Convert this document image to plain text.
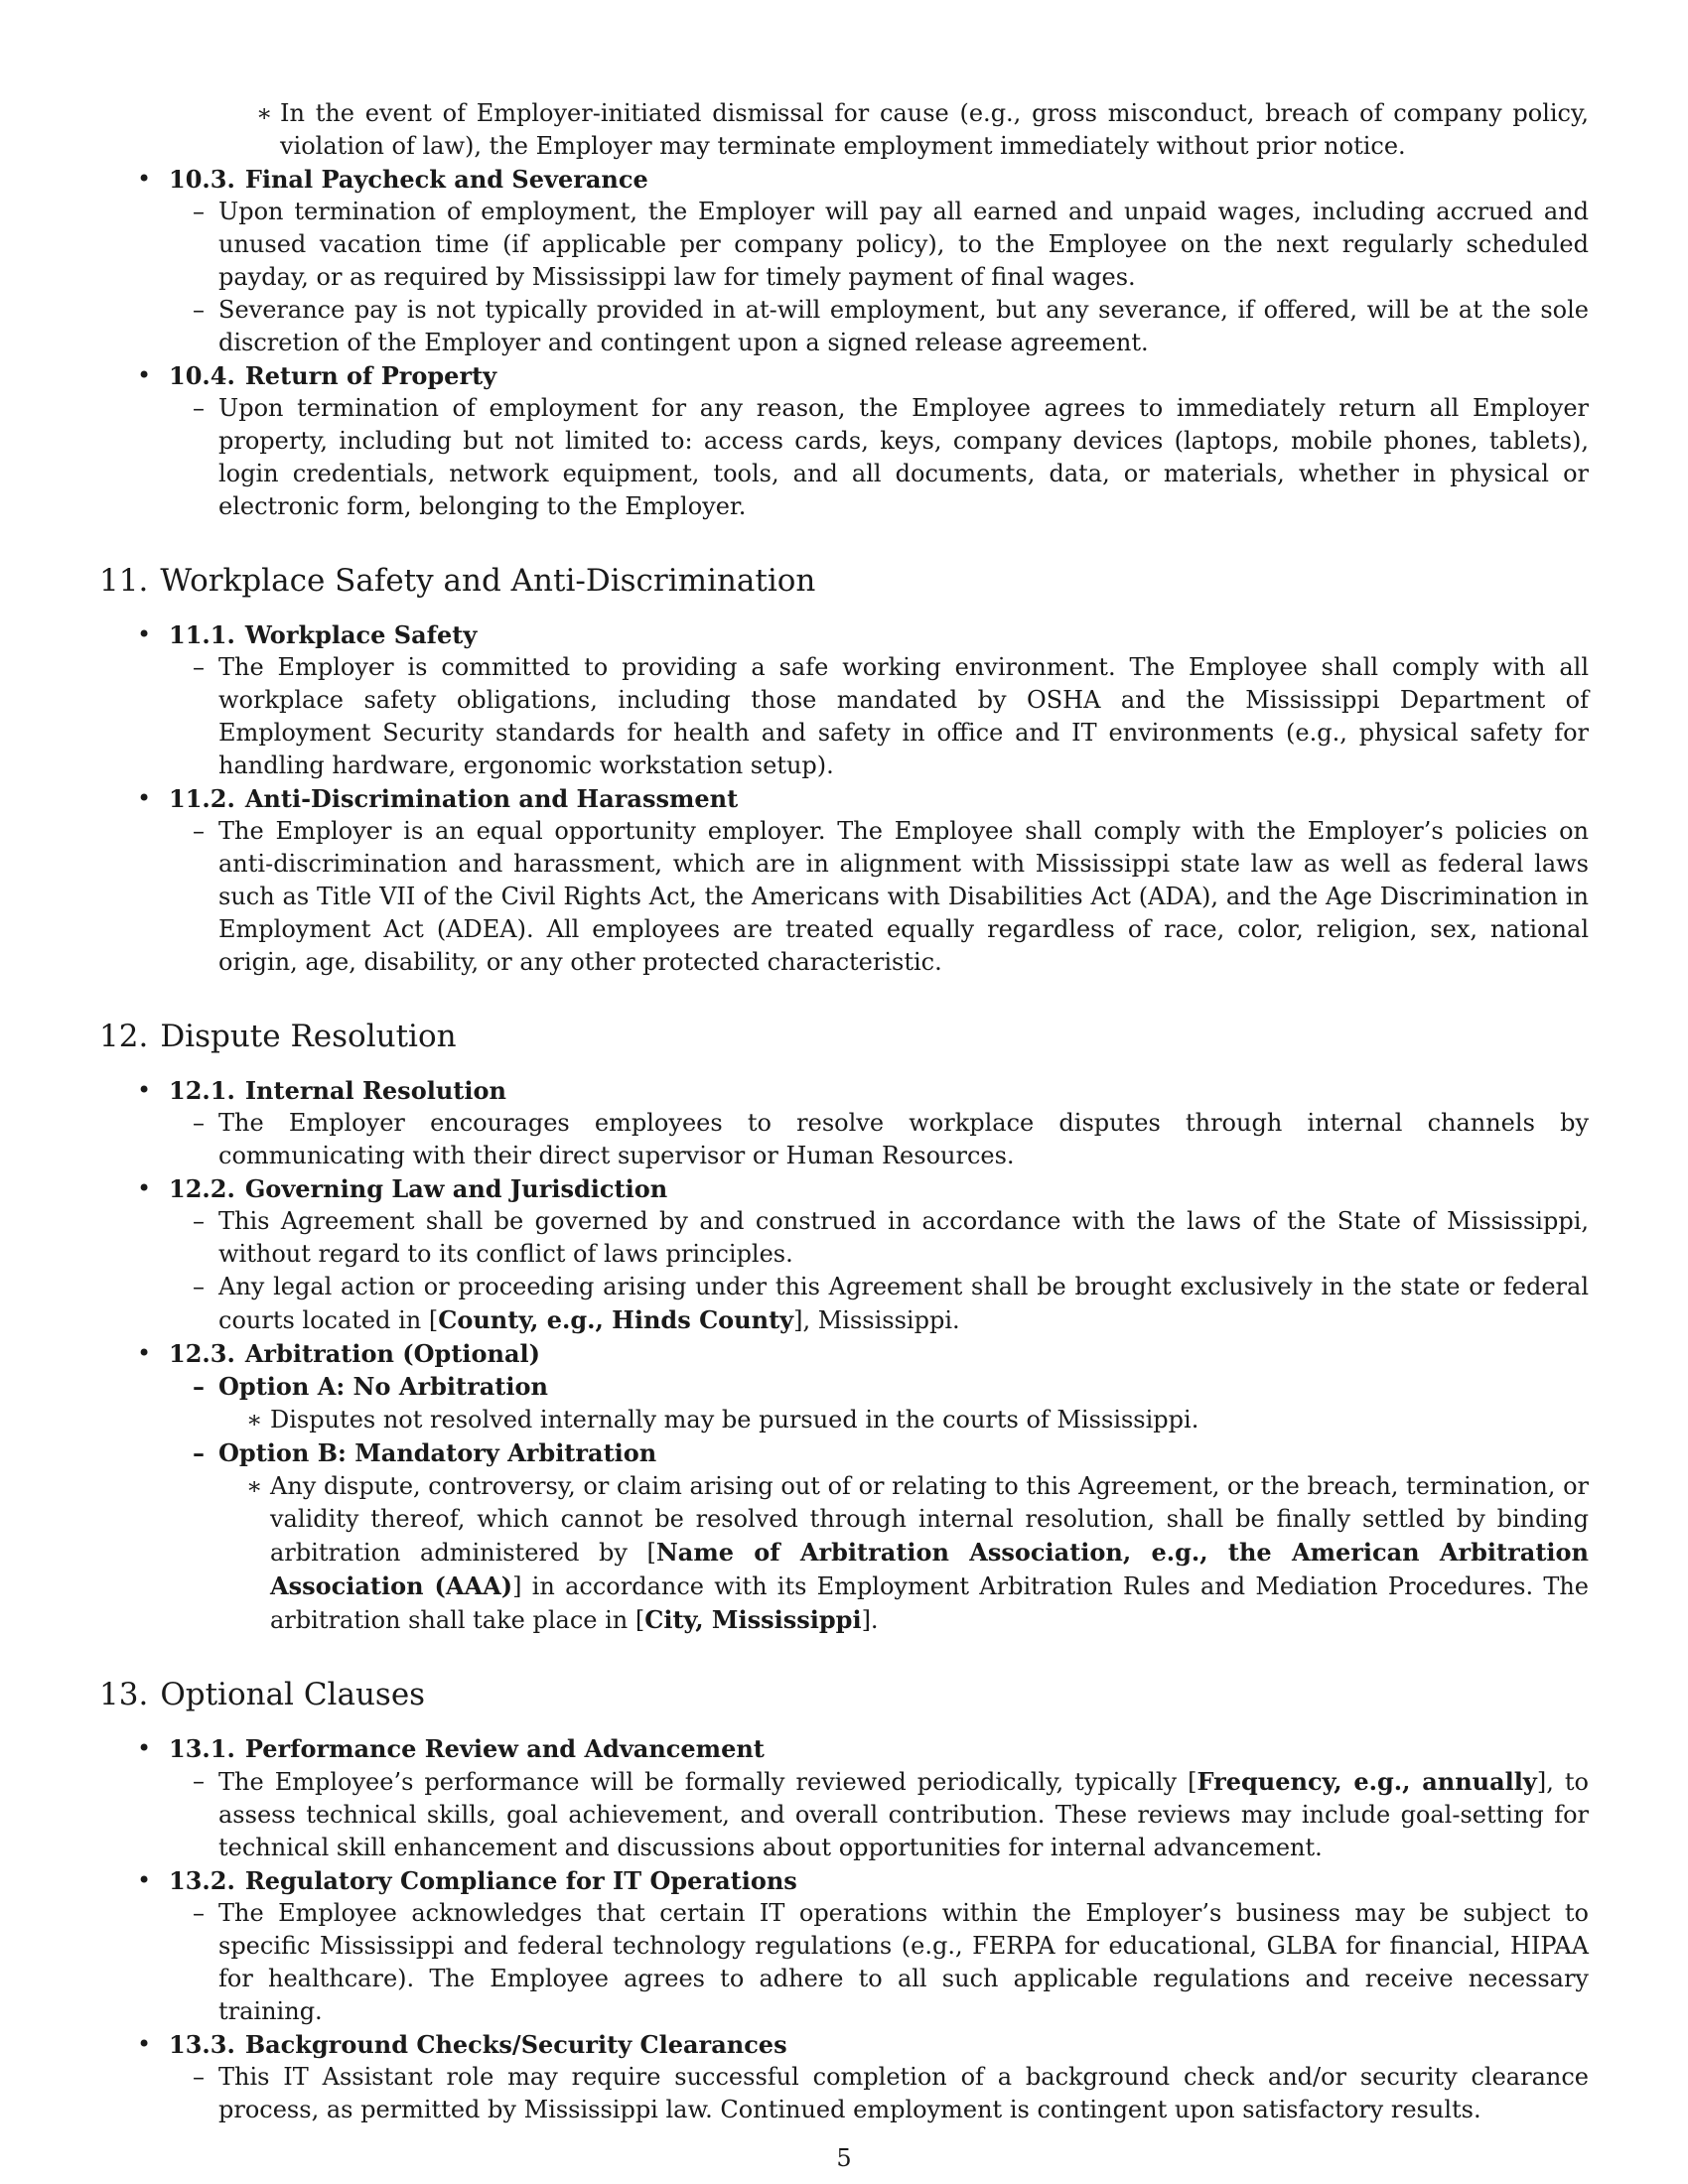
∗ In the event of Employer-initiated dismissal for cause (e.g., gross misconduct, breach of company policy, violation of law), the Employer may terminate employment immediately without prior notice.
• 10.3. Final Paycheck and Severance
– Upon termination of employment, the Employer will pay all earned and unpaid wages, including accrued and unused vacation time (if applicable per company policy), to the Employee on the next regularly scheduled payday, or as required by Mississippi law for timely payment of final wages.
– Severance pay is not typically provided in at-will employment, but any severance, if offered, will be at the sole discretion of the Employer and contingent upon a signed release agreement.
• 10.4. Return of Property
– Upon termination of employment for any reason, the Employee agrees to immediately return all Employer property, including but not limited to: access cards, keys, company devices (laptops, mobile phones, tablets), login credentials, network equipment, tools, and all documents, data, or materials, whether in physical or electronic form, belonging to the Employer.
11. Workplace Safety and Anti-Discrimination
• 11.1. Workplace Safety
– The Employer is committed to providing a safe working environment. The Employee shall comply with all workplace safety obligations, including those mandated by OSHA and the Mississippi Department of Employment Security standards for health and safety in office and IT environments (e.g., physical safety for handling hardware, ergonomic workstation setup).
• 11.2. Anti-Discrimination and Harassment
– The Employer is an equal opportunity employer. The Employee shall comply with the Employer’s policies on anti-discrimination and harassment, which are in alignment with Mississippi state law as well as federal laws such as Title VII of the Civil Rights Act, the Americans with Disabilities Act (ADA), and the Age Discrimination in Employment Act (ADEA). All employees are treated equally regardless of race, color, religion, sex, national origin, age, disability, or any other protected characteristic.
12. Dispute Resolution
• 12.1. Internal Resolution
– The Employer encourages employees to resolve workplace disputes through internal channels by communicating with their direct supervisor or Human Resources.
• 12.2. Governing Law and Jurisdiction
– This Agreement shall be governed by and construed in accordance with the laws of the State of Mississippi, without regard to its conflict of laws principles.
– Any legal action or proceeding arising under this Agreement shall be brought exclusively in the state or federal courts located in [County, e.g., Hinds County], Mississippi.
• 12.3. Arbitration (Optional)
– Option A: No Arbitration
∗ Disputes not resolved internally may be pursued in the courts of Mississippi.
– Option B: Mandatory Arbitration
∗ Any dispute, controversy, or claim arising out of or relating to this Agreement, or the breach, termination, or validity thereof, which cannot be resolved through internal resolution, shall be finally settled by binding arbitration administered by [Name of Arbitration Association, e.g., the American Arbitration Association (AAA)] in accordance with its Employment Arbitration Rules and Mediation Procedures. The arbitration shall take place in [City, Mississippi].
13. Optional Clauses
• 13.1. Performance Review and Advancement
– The Employee’s performance will be formally reviewed periodically, typically [Frequency, e.g., annually], to assess technical skills, goal achievement, and overall contribution. These reviews may include goal-setting for technical skill enhancement and discussions about opportunities for internal advancement.
• 13.2. Regulatory Compliance for IT Operations
– The Employee acknowledges that certain IT operations within the Employer’s business may be subject to specific Mississippi and federal technology regulations (e.g., FERPA for educational, GLBA for financial, HIPAA for healthcare). The Employee agrees to adhere to all such applicable regulations and receive necessary training.
• 13.3. Background Checks/Security Clearances
– This IT Assistant role may require successful completion of a background check and/or security clearance process, as permitted by Mississippi law. Continued employment is contingent upon satisfactory results.
5
